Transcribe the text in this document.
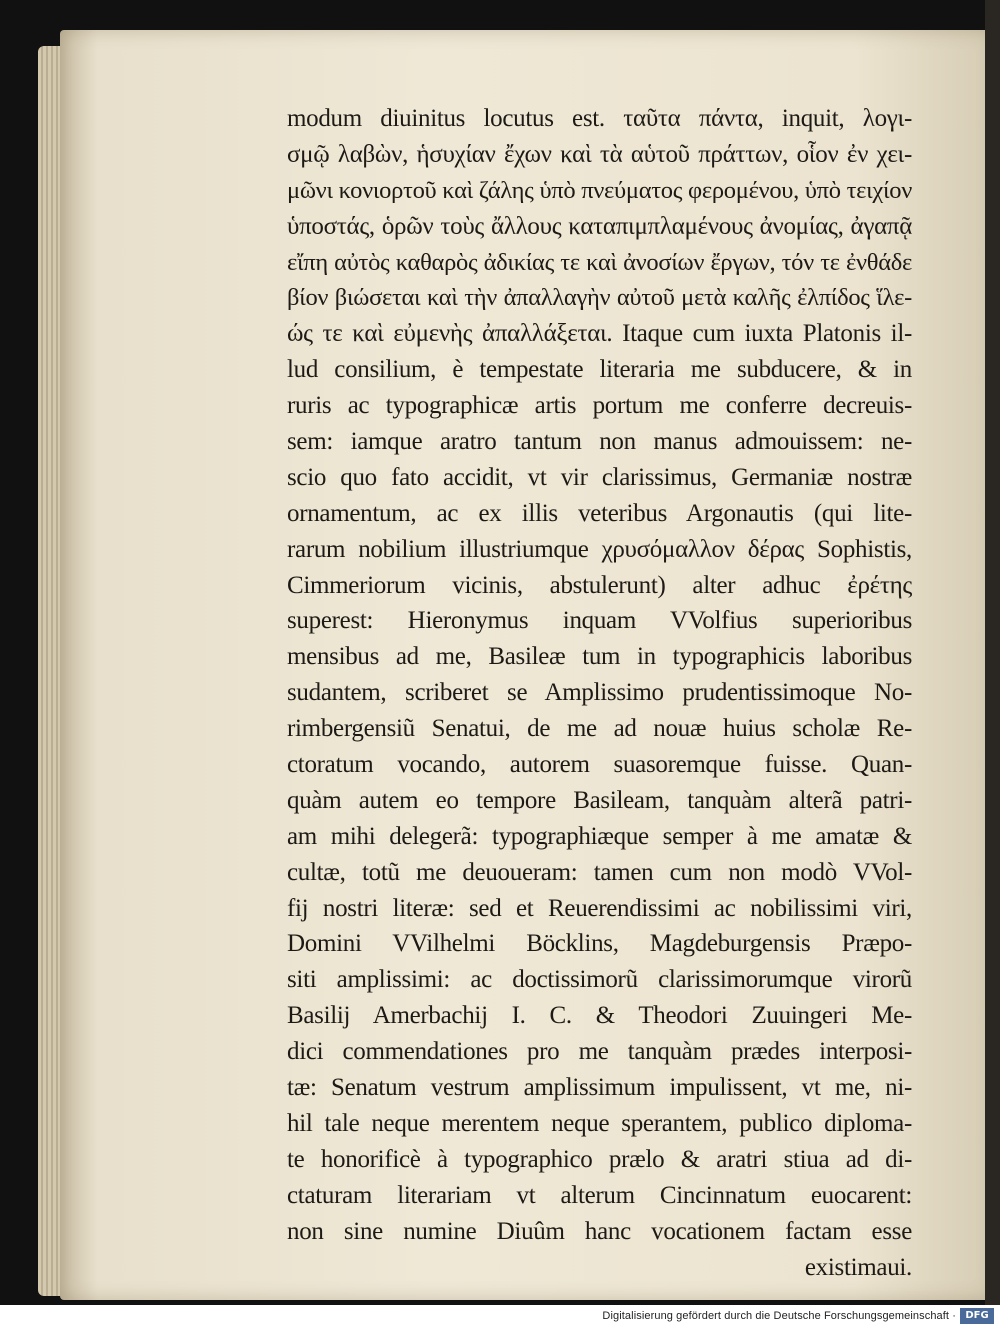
modum diuinitus locutus est. ταῦτα πάντα, inquit, λογι-
σμῷ λαβὼν, ἡσυχίαν ἔχων καὶ τὰ αὑτοῦ πράττων, οἷον ἐν χει-
μῶνι κονιορτοῦ καὶ ζάλης ὑπὸ πνεύματος φερομένου, ὑπὸ τειχίον
ὑποστάς, ὁρῶν τοὺς ἄλλους καταπιμπλαμένους ἀνομίας, ἀγαπᾷ
εἴπη αὐτὸς καθαρὸς ἀδικίας τε καὶ ἀνοσίων ἔργων, τόν τε ἐνθάδε
βίον βιώσεται καὶ τὴν ἀπαλλαγὴν αὐτοῦ μετὰ καλῆς ἐλπίδος ἵλε-
ώς τε καὶ εὐμενὴς ἀπαλλάξεται. Itaque cum iuxta Platonis il-
lud consilium, è tempestate literaria me subducere, & in
ruris ac typographicæ artis portum me conferre decreuis-
sem: iamque aratro tantum non manus admouissem: ne-
scio quo fato accidit, vt vir clarissimus, Germaniæ nostræ
ornamentum, ac ex illis veteribus Argonautis (qui lite-
rarum nobilium illustriumque χρυσόμαλλον δέρας Sophistis,
Cimmeriorum vicinis, abstulerunt) alter adhuc ἐρέτης
superest: Hieronymus inquam VVolfius superioribus
mensibus ad me, Basileæ tum in typographicis laboribus
sudantem, scriberet se Amplissimo prudentissimoque No-
rimbergensiũ Senatui, de me ad nouæ huius scholæ Re-
ctoratum vocando, autorem suasoremque fuisse. Quan-
quàm autem eo tempore Basileam, tanquàm alterã patri-
am mihi delegerã: typographiæque semper à me amatæ &
cultæ, totũ me deuoueram: tamen cum non modò VVol-
fij nostri literæ: sed et Reuerendissimi ac nobilissimi viri,
Domini VVilhelmi Böcklins, Magdeburgensis Præpo-
siti amplissimi: ac doctissimorũ clarissimorumque virorũ
Basilij Amerbachij I. C. & Theodori Zuuingeri Me-
dici commendationes pro me tanquàm prædes interposi-
tæ: Senatum vestrum amplissimum impulissent, vt me, ni-
hil tale neque merentem neque sperantem, publico diploma-
te honorificè à typographico prælo & aratri stiua ad di-
ctaturam literariam vt alterum Cincinnatum euocarent:
non sine numine Diuûm hanc vocationem factam esse
existimaui.
Digitalisierung gefördert durch die Deutsche Forschungsgemeinschaft · DFG
